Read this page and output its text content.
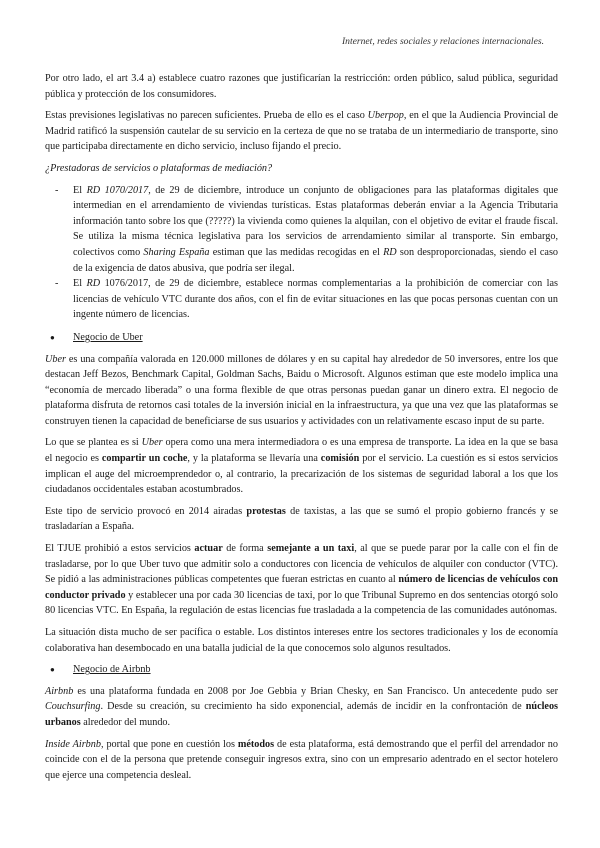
Internet, redes sociales y relaciones internacionales.

Por otro lado, el art 3.4 a) establece cuatro razones que justificarían la restricción: orden público, salud pública, seguridad pública y protección de los consumidores.

Estas previsiones legislativas no parecen suficientes. Prueba de ello es el caso Uberpop, en el que la Audiencia Provincial de Madrid ratificó la suspensión cautelar de su servicio en la certeza de que no se trataba de un intermediario de transporte, sino que participaba directamente en dicho servicio, incluso fijando el precio.

¿Prestadoras de servicios o plataformas de mediación?

- El RD 1070/2017, de 29 de diciembre, introduce un conjunto de obligaciones para las plataformas digitales que intermedian en el arrendamiento de viviendas turísticas. Estas plataformas deberán enviar a la Agencia Tributaria información tanto sobre los que (?????) la vivienda como quienes la alquilan, con el objetivo de evitar el fraude fiscal. Se utiliza la misma técnica legislativa para los servicios de arrendamiento similar al transporte. Sin embargo, colectivos como Sharing España estiman que las medidas recogidas en el RD son desproporcionadas, siendo el caso de la exigencia de datos abusiva, que podría ser ilegal.
- El RD 1076/2017, de 29 de diciembre, establece normas complementarias a la prohibición de comerciar con las licencias de vehículo VTC durante dos años, con el fin de evitar situaciones en las que pocas personas cuentan con un ingente número de licencias.
● Negocio de Uber

Uber es una compañía valorada en 120.000 millones de dólares y en su capital hay alrededor de 50 inversores, entre los que destacan Jeff Bezos, Benchmark Capital, Goldman Sachs, Baidu o Microsoft. Algunos estiman que este modelo implica una “economía de mercado liberada” o una forma flexible de que otras personas puedan ganar un dinero extra. El negocio de plataforma disfruta de retornos casi totales de la inversión inicial en la infraestructura, ya que una vez que las plataformas se construyen tienen la capacidad de beneficiarse de sus usuarios y actividades con un relativamente escaso input de su parte.

Lo que se plantea es si Uber opera como una mera intermediadora o es una empresa de transporte. La idea en la que se basa el negocio es compartir un coche, y la plataforma se llevaría una comisión por el servicio. La cuestión es si estos servicios implican el auge del microemprendedor o, al contrario, la precarización de los sistemas de seguridad laboral a los que los ciudadanos occidentales estaban acostumbrados.

Este tipo de servicio provocó en 2014 airadas protestas de taxistas, a las que se sumó el propio gobierno francés y se trasladarían a España.

El TJUE prohibió a estos servicios actuar de forma semejante a un taxi, al que se puede parar por la calle con el fin de trasladarse, por lo que Uber tuvo que admitir solo a conductores con licencia de vehículos de alquiler con conductor (VTC). Se pidió a las administraciones públicas competentes que fueran estrictas en cuanto al número de licencias de vehículos con conductor privado y establecer una por cada 30 licencias de taxi, por lo que Tribunal Supremo en dos sentencias otorgó solo 80 licencias VTC. En España, la regulación de estas licencias fue trasladada a la competencia de las comunidades autónomas.

La situación dista mucho de ser pacífica o estable. Los distintos intereses entre los sectores tradicionales y los de economía colaborativa han desembocado en una batalla judicial de la que conocemos solo algunos resultados.

● Negocio de Airbnb

Airbnb es una plataforma fundada en 2008 por Joe Gebbia y Brian Chesky, en San Francisco. Un antecedente pudo ser Couchsurfing. Desde su creación, su crecimiento ha sido exponencial, además de incidir en la confrontación de núcleos urbanos alrededor del mundo.

Inside Airbnb, portal que pone en cuestión los métodos de esta plataforma, está demostrando que el perfil del arrendador no coincide con el de la persona que pretende conseguir ingresos extra, sino con un empresario adentrado en el sector hotelero que ejerce una competencia desleal.
